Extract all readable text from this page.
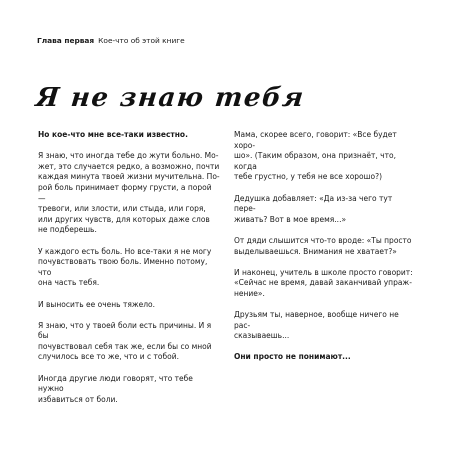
Глава первая Кое-что об этой книге
Я не знаю тебя

Но кое-что мне все-таки известно.

Я знаю, что иногда тебе до жути больно. Мо-
жет, это случается редко, а возможно, почти
каждая минута твоей жизни мучительна. По-
рой боль принимает форму грусти, а порой —
тревоги, или злости, или стыда, или горя,
или других чувств, для которых даже слов
не подберешь.

У каждого есть боль. Но все-таки я не могу
почувствовать твою боль. Именно потому, что
она часть тебя.

И выносить ее очень тяжело.

Я знаю, что у твоей боли есть причины. И я бы
почувствовал себя так же, если бы со мной
случилось все то же, что и с тобой.

Иногда другие люди говорят, что тебе нужно
избавиться от боли.

Мама, скорее всего, говорит: «Все будет хоро-
шо». (Таким образом, она признаёт, что, когда
тебе грустно, у тебя не все хорошо?)

Дедушка добавляет: «Да из-за чего тут пере-
живать? Вот в мое время...»

От дяди слышится что-то вроде: «Ты просто
выделываешься. Внимания не хватает?»

И наконец, учитель в школе просто говорит:
«Сейчас не время, давай заканчивай упраж-
нение».

Друзьям ты, наверное, вообще ничего не рас-
сказываешь...

Они просто не понимают...
